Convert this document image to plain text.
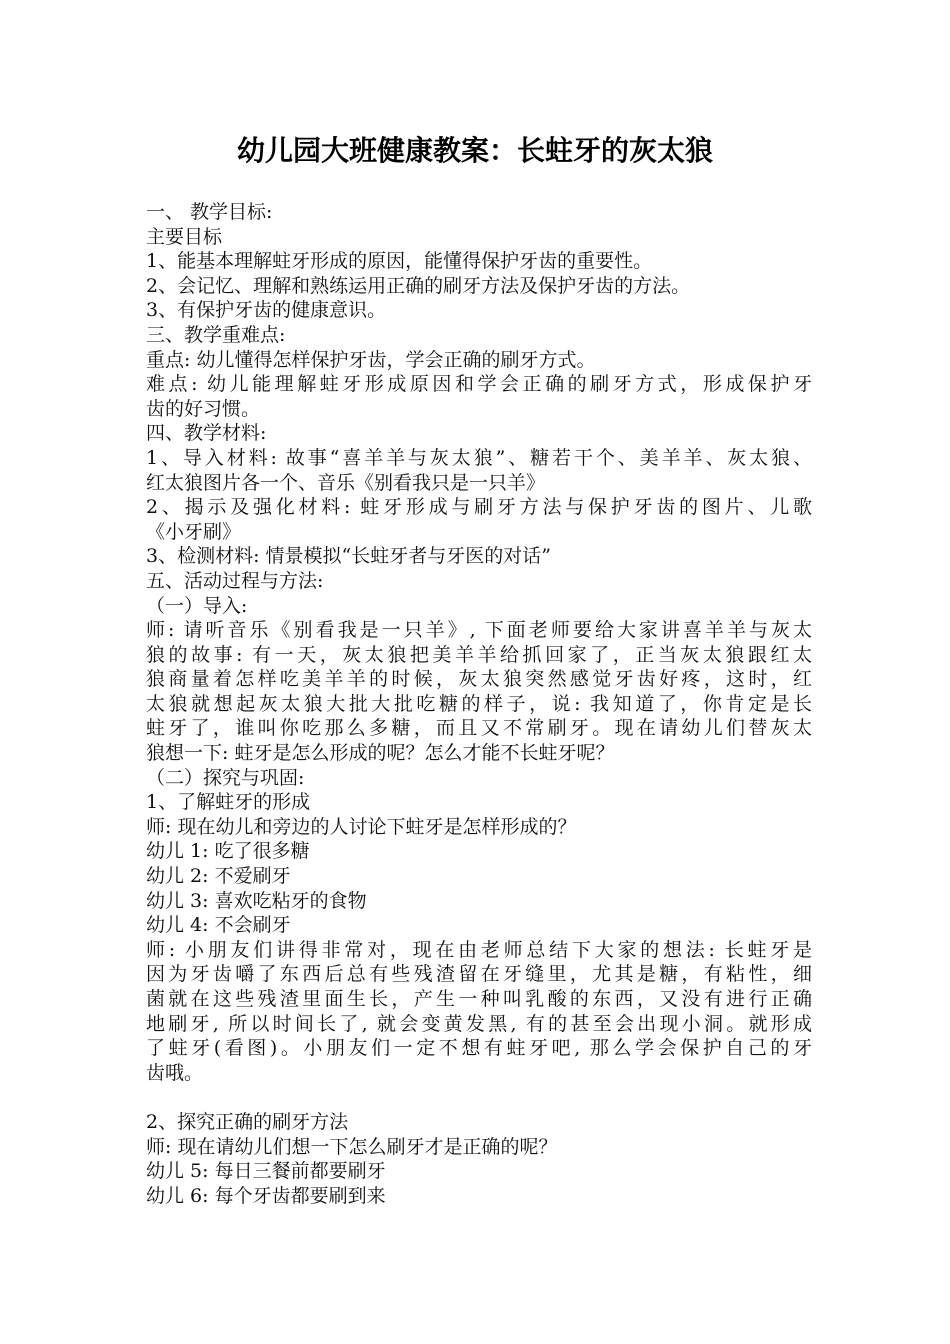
幼儿园大班健康教案：长蛀牙的灰太狼
一、 教学目标:
主要目标
1、能基本理解蛀牙形成的原因，能懂得保护牙齿的重要性。
2、会记忆、理解和熟练运用正确的刷牙方法及保护牙齿的方法。
3、有保护牙齿的健康意识。
三、教学重难点:
重点: 幼儿懂得怎样保护牙齿，学会正确的刷牙方式。
难点: 幼儿能理解蛀牙形成原因和学会正确的刷牙方式，形成保护牙
齿的好习惯。
四、教学材料:
1、导入材料: 故事“喜羊羊与灰太狼”、糖若干个、美羊羊、灰太狼、
红太狼图片各一个、音乐《别看我只是一只羊》
2、揭示及强化材料: 蛀牙形成与刷牙方法与保护牙齿的图片、儿歌
《小牙刷》
3、检测材料: 情景模拟“长蛀牙者与牙医的对话”
五、活动过程与方法:
（一）导入:
师: 请听音乐《别看我是一只羊》, 下面老师要给大家讲喜羊羊与灰太
狼的故事: 有一天，灰太狼把美羊羊给抓回家了，正当灰太狼跟红太
狼商量着怎样吃美羊羊的时候，灰太狼突然感觉牙齿好疼，这时，红
太狼就想起灰太狼大批大批吃糖的样子，说: 我知道了，你肯定是长
蛀牙了，谁叫你吃那么多糖，而且又不常刷牙。现在请幼儿们替灰太
狼想一下: 蛀牙是怎么形成的呢？怎么才能不长蛀牙呢？
（二）探究与巩固:
1、了解蛀牙的形成
师: 现在幼儿和旁边的人讨论下蛀牙是怎样形成的？
幼儿 1: 吃了很多糖
幼儿 2: 不爱刷牙
幼儿 3: 喜欢吃粘牙的食物
幼儿 4: 不会刷牙
师: 小朋友们讲得非常对，现在由老师总结下大家的想法: 长蛀牙是
因为牙齿嚼了东西后总有些残渣留在牙缝里，尤其是糖，有粘性，细
菌就在这些残渣里面生长，产生一种叫乳酸的东西，又没有进行正确
地刷牙, 所以时间长了, 就会变黄发黑, 有的甚至会出现小洞。就形成
了蛀牙(看图)。小朋友们一定不想有蛀牙吧, 那么学会保护自己的牙
齿哦。
2、探究正确的刷牙方法
师: 现在请幼儿们想一下怎么刷牙才是正确的呢？
幼儿 5: 每日三餐前都要刷牙
幼儿 6: 每个牙齿都要刷到来
